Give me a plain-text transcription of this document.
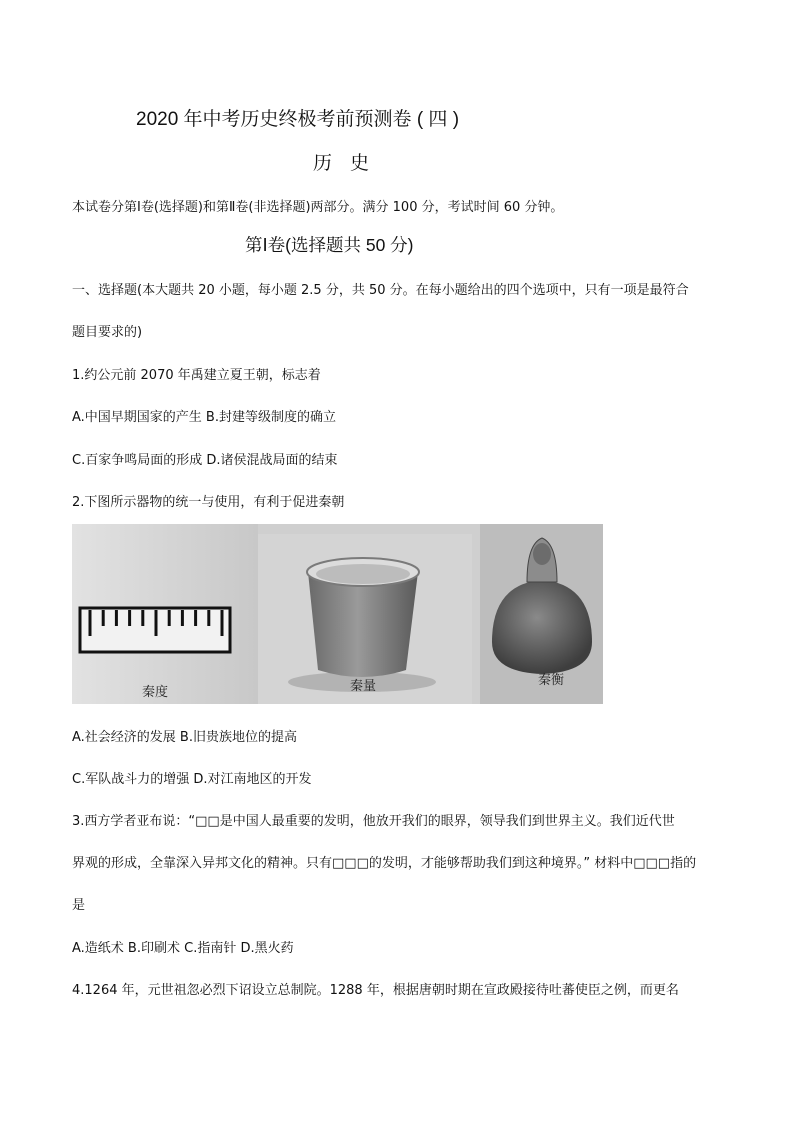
2020 年中考历史终极考前预测卷 ( 四 )
历 史
本试卷分第Ⅰ卷(选择题)和第Ⅱ卷(非选择题)两部分。满分 100 分，考试时间 60 分钟。
第Ⅰ卷(选择题共 50 分)
一、选择题(本大题共 20 小题，每小题 2.5 分，共 50 分。在每小题给出的四个选项中，只有一项是最符合
题目要求的)
1.约公元前 2070 年禹建立夏王朝，标志着
A.中国早期国家的产生 B.封建等级制度的确立
C.百家争鸣局面的形成 D.诸侯混战局面的结束
2.下图所示器物的统一与使用，有利于促进秦朝
秦度	秦量	秦衡
A.社会经济的发展 B.旧贵族地位的提高
C.军队战斗力的增强 D.对江南地区的开发
3.西方学者亚布说：“□□是中国人最重要的发明，他放开我们的眼界，领导我们到世界主义。我们近代世
界观的形成，全靠深入异邦文化的精神。只有□□□的发明，才能够帮助我们到这种境界。” 材料中□□□指的
是
A.造纸术 B.印刷术 C.指南针 D.黑火药
4.1264 年，元世祖忽必烈下诏设立总制院。1288 年，根据唐朝时期在宣政殿接待吐蕃使臣之例，而更名
